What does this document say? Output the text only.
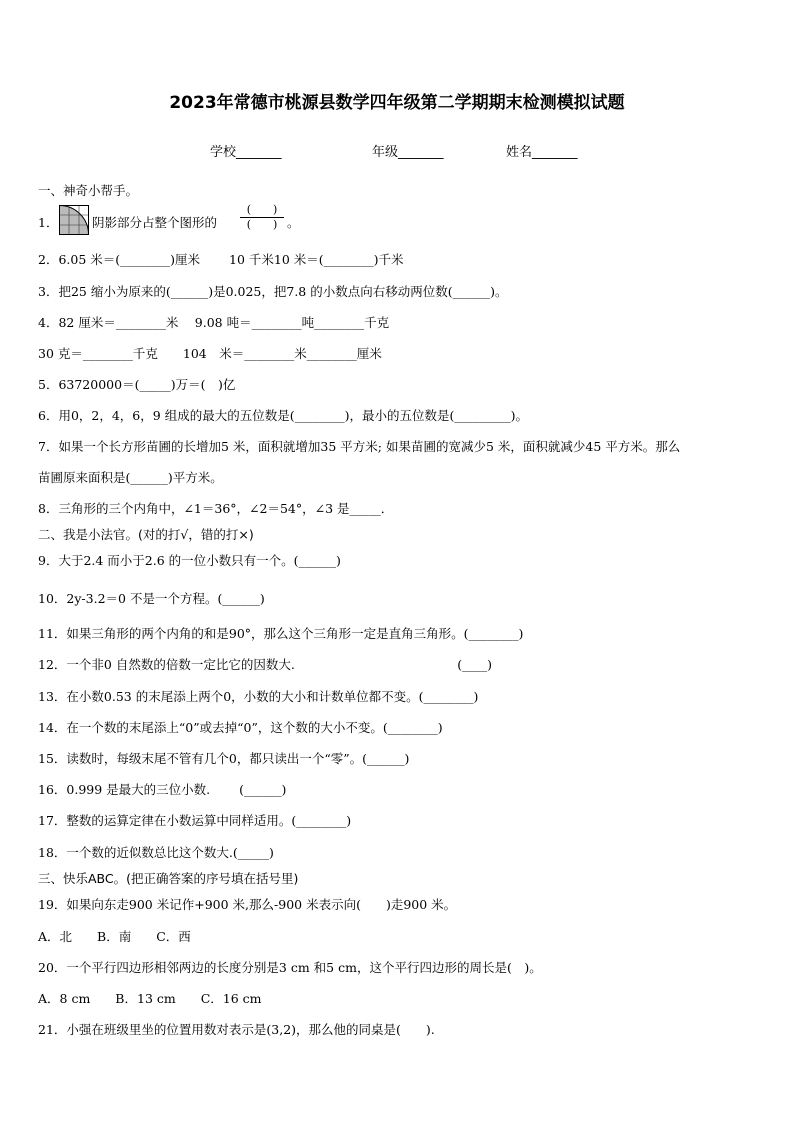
2023年常德市桃源县数学四年级第二学期期末检测模拟试题
学校_______	年级_______	姓名_______
一、神奇小帮手。
1．	阴影部分占整个图形的
(　　)
(　　) 。
2．6.05 米＝(________)厘米　　 10 千米10 米＝(________)千米
3．把25 缩小为原来的(______)是0.025，把7.8 的小数点向右移动两位数(______)。
4．82 厘米＝________米　 9.08 吨＝________吨________千克
30 克＝________千克　　104　米＝________米________厘米
5．63720000＝(_____)万＝(　)亿
6．用0，2，4，6，9 组成的最大的五位数是(________)，最小的五位数是(_________)。
7．如果一个长方形苗圃的长增加5 米，面积就增加35 平方米; 如果苗圃的宽减少5 米，面积就减少45 平方米。那么
苗圃原来面积是(______)平方米。
8．三角形的三个内角中，∠1＝36°，∠2＝54°，∠3 是_____．
二、我是小法官。(对的打√，错的打×)
9．大于2.4 而小于2.6 的一位小数只有一个。(______)
10．2y-3.2＝0 不是一个方程。(______)
11．如果三角形的两个内角的和是90°，那么这个三角形一定是直角三角形。(________)
12．一个非0 自然数的倍数一定比它的因数大.　　　　　　　　　　　　　(____)
13．在小数0.53 的末尾添上两个0，小数的大小和计数单位都不变。(________)
14．在一个数的末尾添上“0”或去掉“0”，这个数的大小不变。(________)
15．读数时，每级末尾不管有几个0，都只读出一个“零”。(______)
16．0.999 是最大的三位小数.　　 (______)
17．整数的运算定律在小数运算中同样适用。(________)
18．一个数的近似数总比这个数大.(_____)
三、快乐ABC。(把正确答案的序号填在括号里)
19．如果向东走900 米记作+900 米,那么-900 米表示向(　　)走900 米。
A．北　　B．南　　C．西
20．一个平行四边形相邻两边的长度分别是3 cm 和5 cm，这个平行四边形的周长是(　)。
A．8 cm　　B．13 cm　　C．16 cm
21．小强在班级里坐的位置用数对表示是(3,2)，那么他的同桌是(　　).
